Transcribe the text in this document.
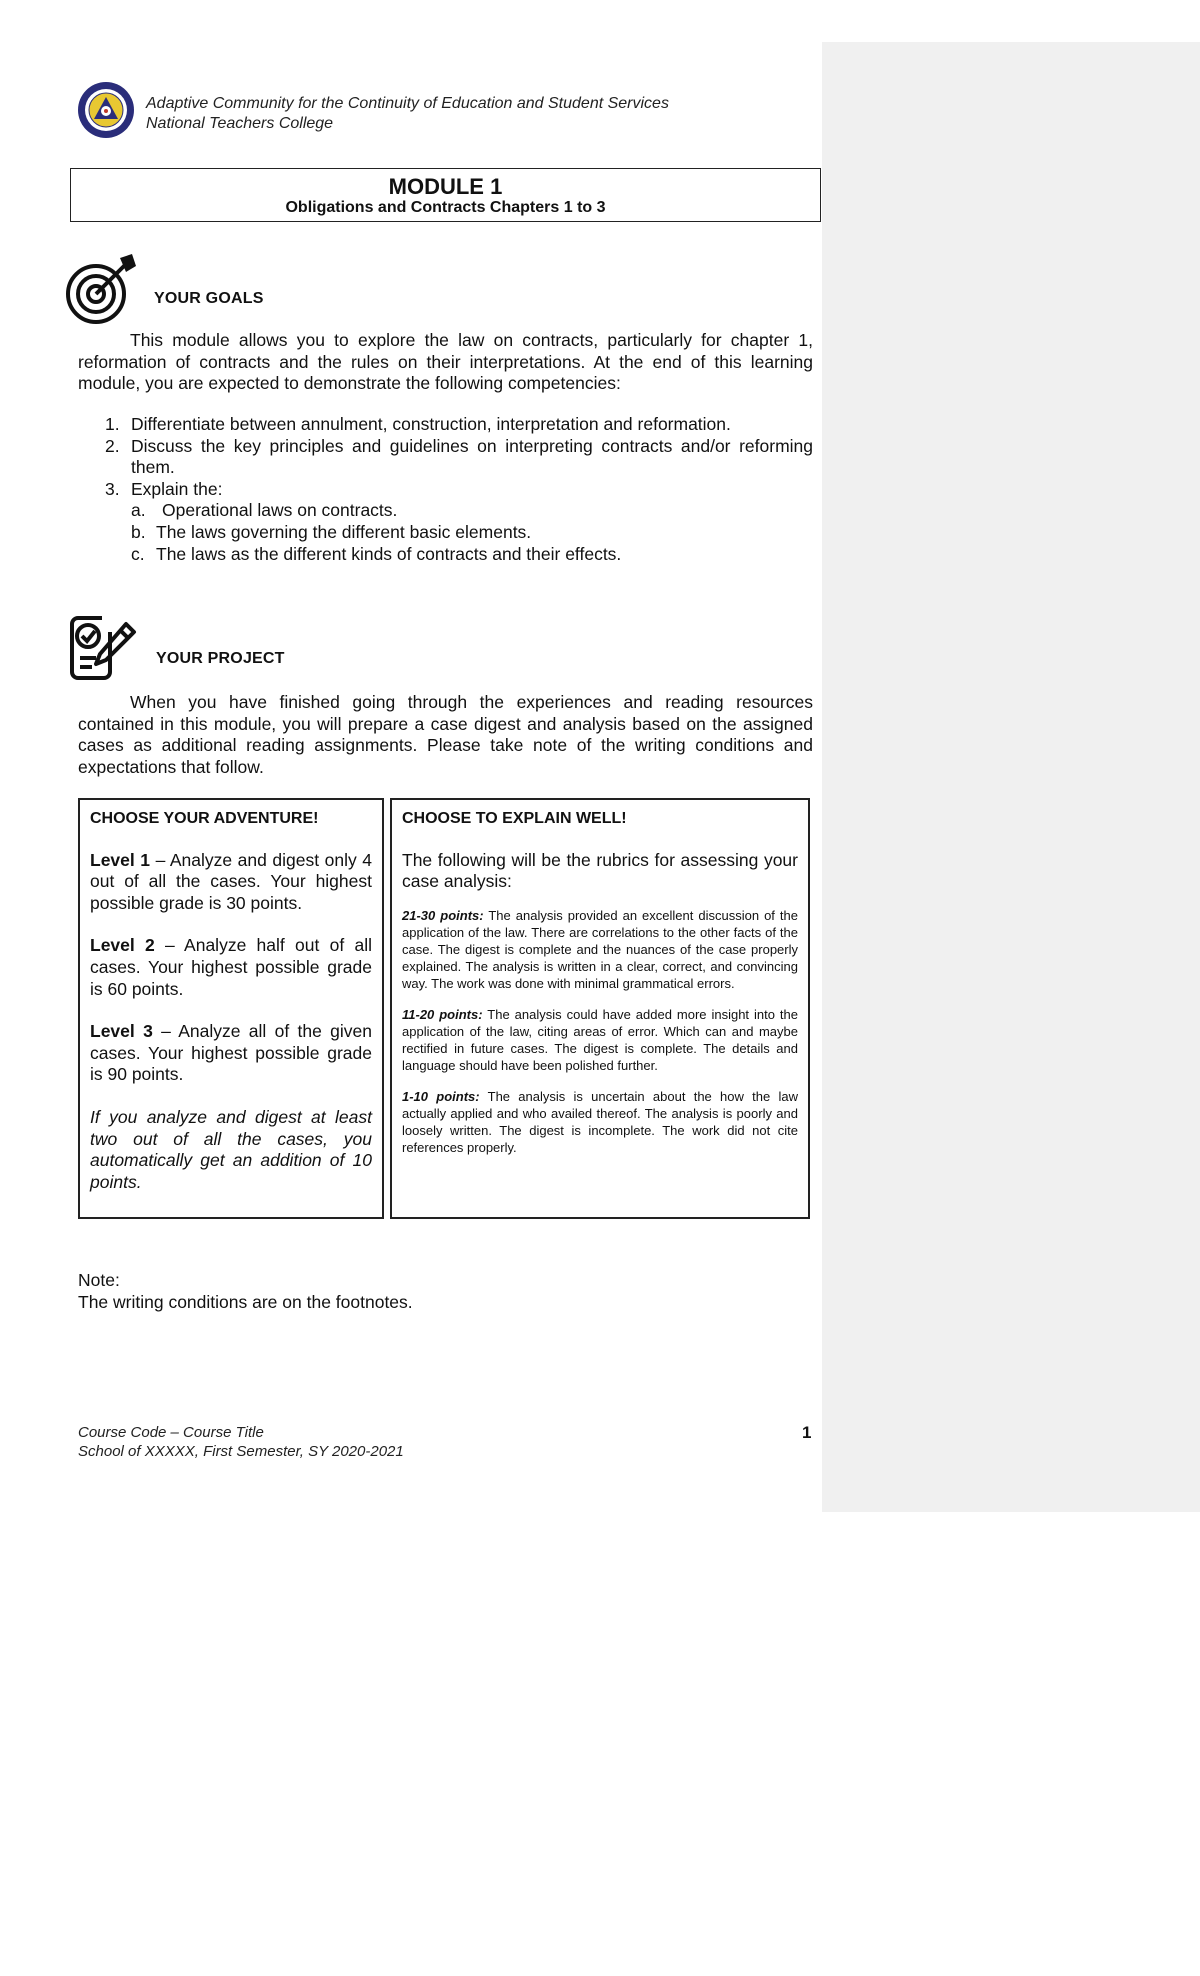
Adaptive Community for the Continuity of Education and Student Services
National Teachers College
MODULE 1
Obligations and Contracts Chapters 1 to 3
YOUR GOALS
This module allows you to explore the law on contracts, particularly for chapter 1, reformation of contracts and the rules on their interpretations. At the end of this learning module, you are expected to demonstrate the following competencies:
1. Differentiate between annulment, construction, interpretation and reformation.
2. Discuss the key principles and guidelines on interpreting contracts and/or reforming them.
3. Explain the:
a. Operational laws on contracts.
b. The laws governing the different basic elements.
c. The laws as the different kinds of contracts and their effects.
YOUR PROJECT
When you have finished going through the experiences and reading resources contained in this module, you will prepare a case digest and analysis based on the assigned cases as additional reading assignments. Please take note of the writing conditions and expectations that follow.
CHOOSE YOUR ADVENTURE!

Level 1 – Analyze and digest only 4 out of all the cases. Your highest possible grade is 30 points.

Level 2 – Analyze half out of all cases. Your highest possible grade is 60 points.

Level 3 – Analyze all of the given cases. Your highest possible grade is 90 points.

If you analyze and digest at least two out of all the cases, you automatically get an addition of 10 points.

CHOOSE TO EXPLAIN WELL!

The following will be the rubrics for assessing your case analysis:

21-30 points: The analysis provided an excellent discussion of the application of the law. There are correlations to the other facts of the case. The digest is complete and the nuances of the case properly explained. The analysis is written in a clear, correct, and convincing way. The work was done with minimal grammatical errors.

11-20 points: The analysis could have added more insight into the application of the law, citing areas of error. Which can and maybe rectified in future cases. The digest is complete. The details and language should have been polished further.

1-10 points: The analysis is uncertain about the how the law actually applied and who availed thereof. The analysis is poorly and loosely written. The digest is incomplete. The work did not cite references properly.

Note:
The writing conditions are on the footnotes.
Course Code – Course Title
School of XXXXX, First Semester, SY 2020-2021
1
